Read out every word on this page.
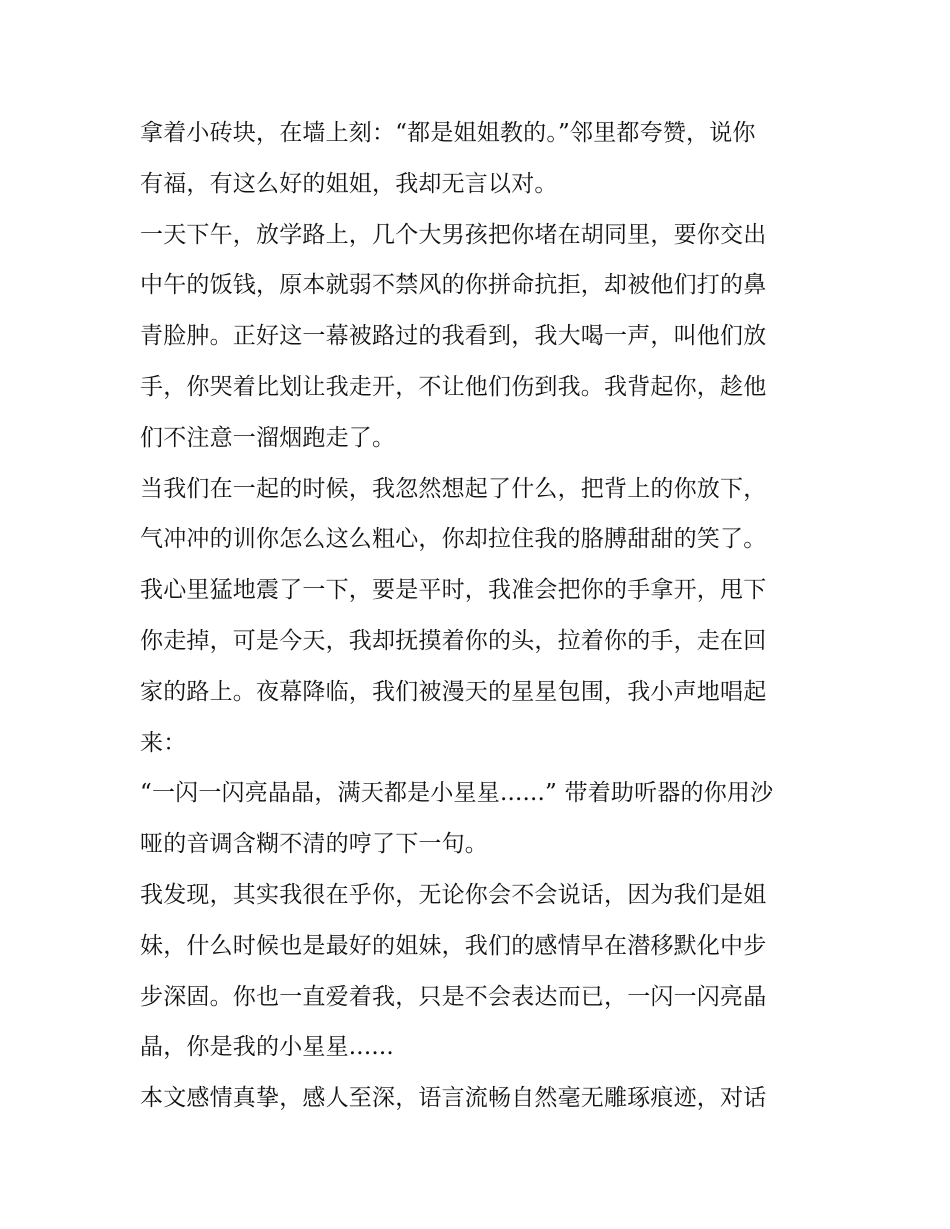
拿着小砖块，在墙上刻：“都是姐姐教的。”邻里都夸赞，说你
有福，有这么好的姐姐，我却无言以对。
一天下午，放学路上，几个大男孩把你堵在胡同里，要你交出
中午的饭钱，原本就弱不禁风的你拼命抗拒，却被他们打的鼻
青脸肿。正好这一幕被路过的我看到，我大喝一声，叫他们放
手，你哭着比划让我走开，不让他们伤到我。我背起你，趁他
们不注意一溜烟跑走了。
当我们在一起的时候，我忽然想起了什么，把背上的你放下，
气冲冲的训你怎么这么粗心，你却拉住我的胳膊甜甜的笑了。
我心里猛地震了一下，要是平时，我准会把你的手拿开，甩下
你走掉，可是今天，我却抚摸着你的头，拉着你的手，走在回
家的路上。夜幕降临，我们被漫天的星星包围，我小声地唱起
来：
“一闪一闪亮晶晶，满天都是小星星......” 带着助听器的你用沙
哑的音调含糊不清的哼了下一句。
我发现，其实我很在乎你，无论你会不会说话，因为我们是姐
妹，什么时候也是最好的姐妹，我们的感情早在潜移默化中步
步深固。你也一直爱着我，只是不会表达而已，一闪一闪亮晶
晶，你是我的小星星......
本文感情真挚，感人至深，语言流畅自然毫无雕琢痕迹，对话
